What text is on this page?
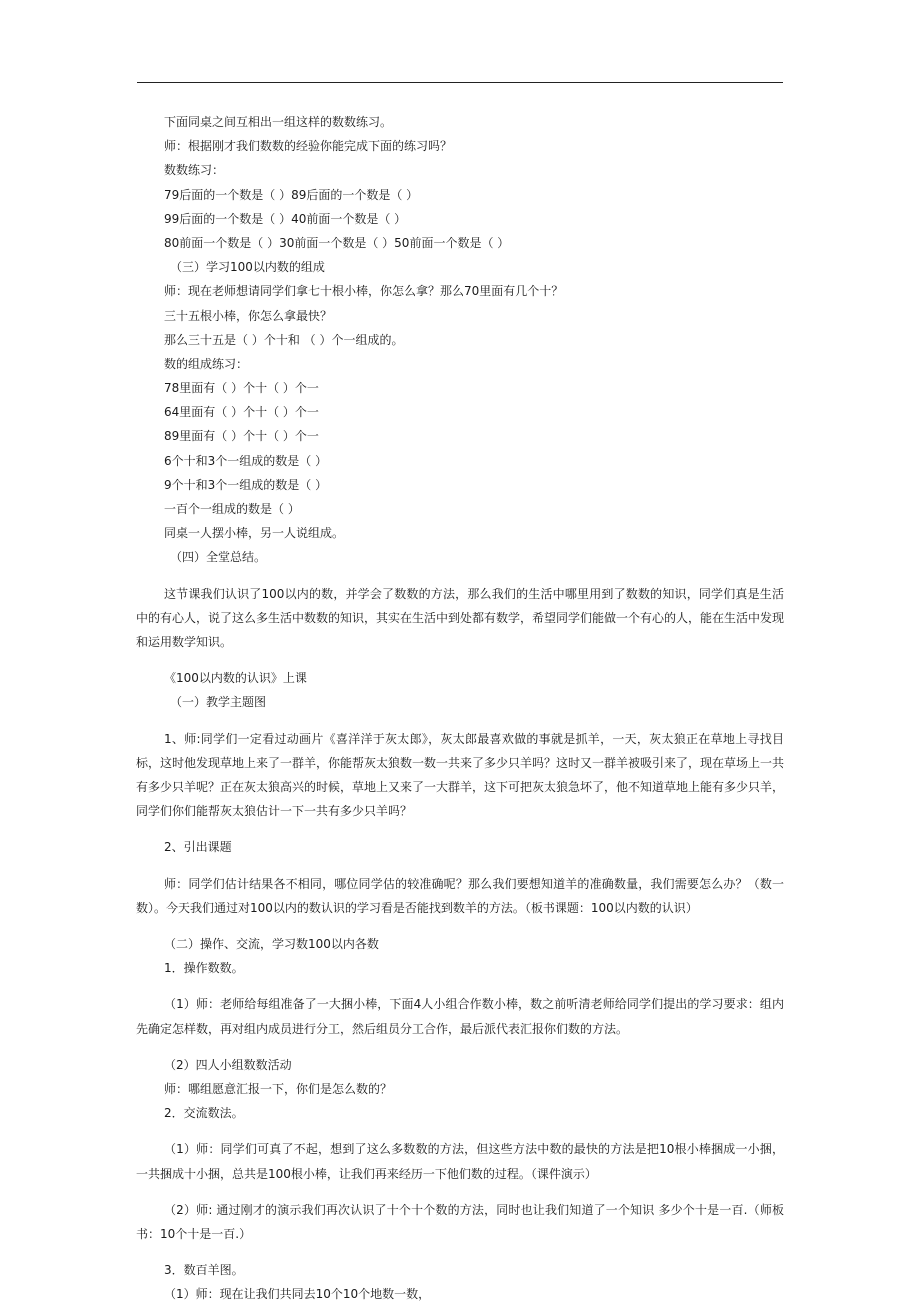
下面同桌之间互相出一组这样的数数练习。

师：根据刚才我们数数的经验你能完成下面的练习吗？

数数练习：

79后面的一个数是（ ）89后面的一个数是（ ）

99后面的一个数是（ ）40前面一个数是（ ）

80前面一个数是（ ）30前面一个数是（ ）50前面一个数是（ ）

（三）学习100以内数的组成

师：现在老师想请同学们拿七十根小棒，你怎么拿？那么70里面有几个十？

三十五根小棒，你怎么拿最快？

那么三十五是（ ）个十和 （ ）个一组成的。

数的组成练习：

78里面有（ ）个十（ ）个一

64里面有（ ）个十（ ）个一

89里面有（ ）个十（ ）个一

6个十和3个一组成的数是（ ）

9个十和3个一组成的数是（ ）

一百个一组成的数是（ ）

同桌一人摆小棒，另一人说组成。

（四）全堂总结。

这节课我们认识了100以内的数，并学会了数数的方法，那么我们的生活中哪里用到了数数的知识，同学们真是生活中的有心人，说了这么多生活中数数的知识，其实在生活中到处都有数学，希望同学们能做一个有心的人，能在生活中发现和运用数学知识。

《100以内数的认识》上课

（一）教学主题图

1、师:同学们一定看过动画片《喜洋洋于灰太郎》，灰太郎最喜欢做的事就是抓羊，一天，灰太狼正在草地上寻找目标，这时他发现草地上来了一群羊，你能帮灰太狼数一数一共来了多少只羊吗？这时又一群羊被吸引来了，现在草场上一共有多少只羊呢？正在灰太狼高兴的时候，草地上又来了一大群羊，这下可把灰太狼急坏了，他不知道草地上能有多少只羊，同学们你们能帮灰太狼估计一下一共有多少只羊吗？

2、引出课题

师：同学们估计结果各不相同，哪位同学估的较准确呢？那么我们要想知道羊的准确数量，我们需要怎么办？（数一数）。今天我们通过对100以内的数认识的学习看是否能找到数羊的方法。（板书课题：100以内数的认识）

（二）操作、交流，学习数100以内各数

1．操作数数。

（1）师：老师给每组准备了一大捆小棒，下面4人小组合作数小棒，数之前听清老师给同学们提出的学习要求：组内先确定怎样数，再对组内成员进行分工，然后组员分工合作，最后派代表汇报你们数的方法。

（2）四人小组数数活动

师：哪组愿意汇报一下，你们是怎么数的？

2．交流数法。

（1）师：同学们可真了不起，想到了这么多数数的方法，但这些方法中数的最快的方法是把10根小棒捆成一小捆，一共捆成十小捆，总共是100根小棒，让我们再来经历一下他们数的过程。（课件演示）

（2）师: 通过刚才的演示我们再次认识了十个十个数的方法，同时也让我们知道了一个知识 多少个十是一百.（师板书：10个十是一百.）

3．数百羊图。

（1）师：现在让我们共同去10个10个地数一数，
